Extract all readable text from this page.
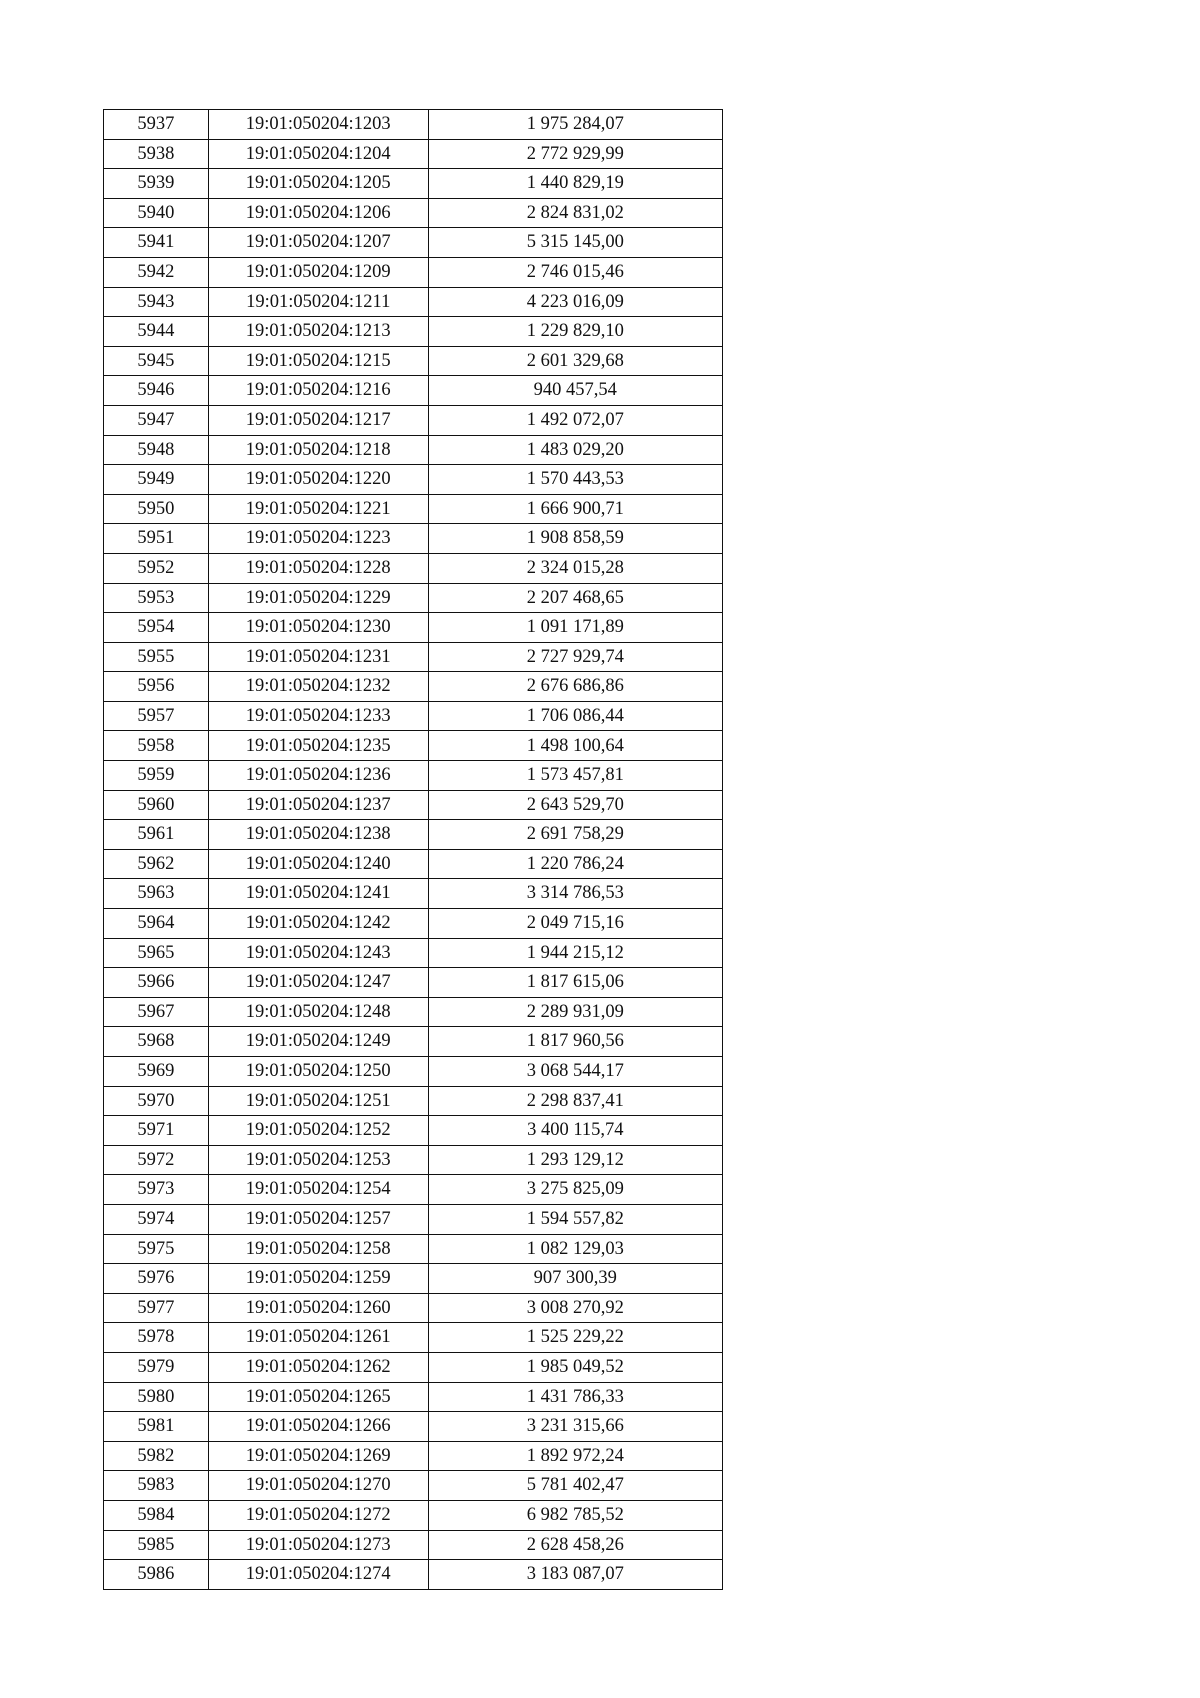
5937	19:01:050204:1203	1 975 284,07
5938	19:01:050204:1204	2 772 929,99
5939	19:01:050204:1205	1 440 829,19
5940	19:01:050204:1206	2 824 831,02
5941	19:01:050204:1207	5 315 145,00
5942	19:01:050204:1209	2 746 015,46
5943	19:01:050204:1211	4 223 016,09
5944	19:01:050204:1213	1 229 829,10
5945	19:01:050204:1215	2 601 329,68
5946	19:01:050204:1216	940 457,54
5947	19:01:050204:1217	1 492 072,07
5948	19:01:050204:1218	1 483 029,20
5949	19:01:050204:1220	1 570 443,53
5950	19:01:050204:1221	1 666 900,71
5951	19:01:050204:1223	1 908 858,59
5952	19:01:050204:1228	2 324 015,28
5953	19:01:050204:1229	2 207 468,65
5954	19:01:050204:1230	1 091 171,89
5955	19:01:050204:1231	2 727 929,74
5956	19:01:050204:1232	2 676 686,86
5957	19:01:050204:1233	1 706 086,44
5958	19:01:050204:1235	1 498 100,64
5959	19:01:050204:1236	1 573 457,81
5960	19:01:050204:1237	2 643 529,70
5961	19:01:050204:1238	2 691 758,29
5962	19:01:050204:1240	1 220 786,24
5963	19:01:050204:1241	3 314 786,53
5964	19:01:050204:1242	2 049 715,16
5965	19:01:050204:1243	1 944 215,12
5966	19:01:050204:1247	1 817 615,06
5967	19:01:050204:1248	2 289 931,09
5968	19:01:050204:1249	1 817 960,56
5969	19:01:050204:1250	3 068 544,17
5970	19:01:050204:1251	2 298 837,41
5971	19:01:050204:1252	3 400 115,74
5972	19:01:050204:1253	1 293 129,12
5973	19:01:050204:1254	3 275 825,09
5974	19:01:050204:1257	1 594 557,82
5975	19:01:050204:1258	1 082 129,03
5976	19:01:050204:1259	907 300,39
5977	19:01:050204:1260	3 008 270,92
5978	19:01:050204:1261	1 525 229,22
5979	19:01:050204:1262	1 985 049,52
5980	19:01:050204:1265	1 431 786,33
5981	19:01:050204:1266	3 231 315,66
5982	19:01:050204:1269	1 892 972,24
5983	19:01:050204:1270	5 781 402,47
5984	19:01:050204:1272	6 982 785,52
5985	19:01:050204:1273	2 628 458,26
5986	19:01:050204:1274	3 183 087,07
